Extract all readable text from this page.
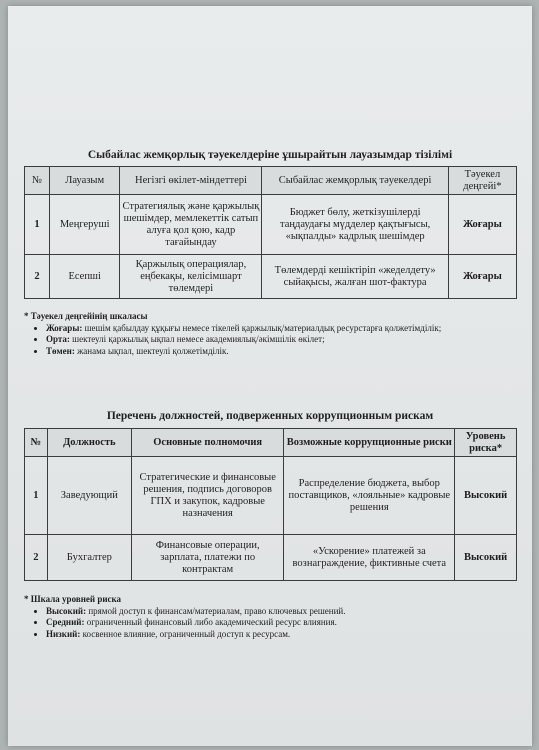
Сыбайлас жемқорлық тәуекелдеріне ұшырайтын лауазымдар тізілімі
№	Лауазым	Негізгі өкілет-міндеттері	Сыбайлас жемқорлық тәуекелдері	Тәуекел деңгейі*
1	Меңгеруші	Стратегиялық және қаржылық шешімдер, мемлекеттік сатып алуға қол қою, кадр тағайындау	Бюджет бөлу, жеткізушілерді таңдаудағы мүдделер қақтығысы, «ықпалды» кадрлық шешімдер	Жоғары
2	Есепші	Қаржылық операциялар, еңбекақы, келісімшарт төлемдері	Төлемдерді кешіктіріп «жеделдету» сыйақысы, жалған шот-фактура	Жоғары
* Тәуекел деңгейінің шкаласы
• Жоғары: шешім қабылдау құқығы немесе тікелей қаржылық/материалдық ресурстарға қолжетімділік;
• Орта: шектеулі қаржылық ықпал немесе академиялық/әкімшілік өкілет;
• Төмен: жанама ықпал, шектеулі қолжетімділік.
Перечень должностей, подверженных коррупционным рискам
№	Должность	Основные полномочия	Возможные коррупционные риски	Уровень риска*
1	Заведующий	Стратегические и финансовые решения, подпись договоров ГПХ и закупок, кадровые назначения	Распределение бюджета, выбор поставщиков, «лояльные» кадровые решения	Высокий
2	Бухгалтер	Финансовые операции, зарплата, платежи по контрактам	«Ускорение» платежей за вознаграждение, фиктивные счета	Высокий
* Шкала уровней риска
• Высокий: прямой доступ к финансам/материалам, право ключевых решений.
• Средний: ограниченный финансовый либо академический ресурс влияния.
• Низкий: косвенное влияние, ограниченный доступ к ресурсам.
